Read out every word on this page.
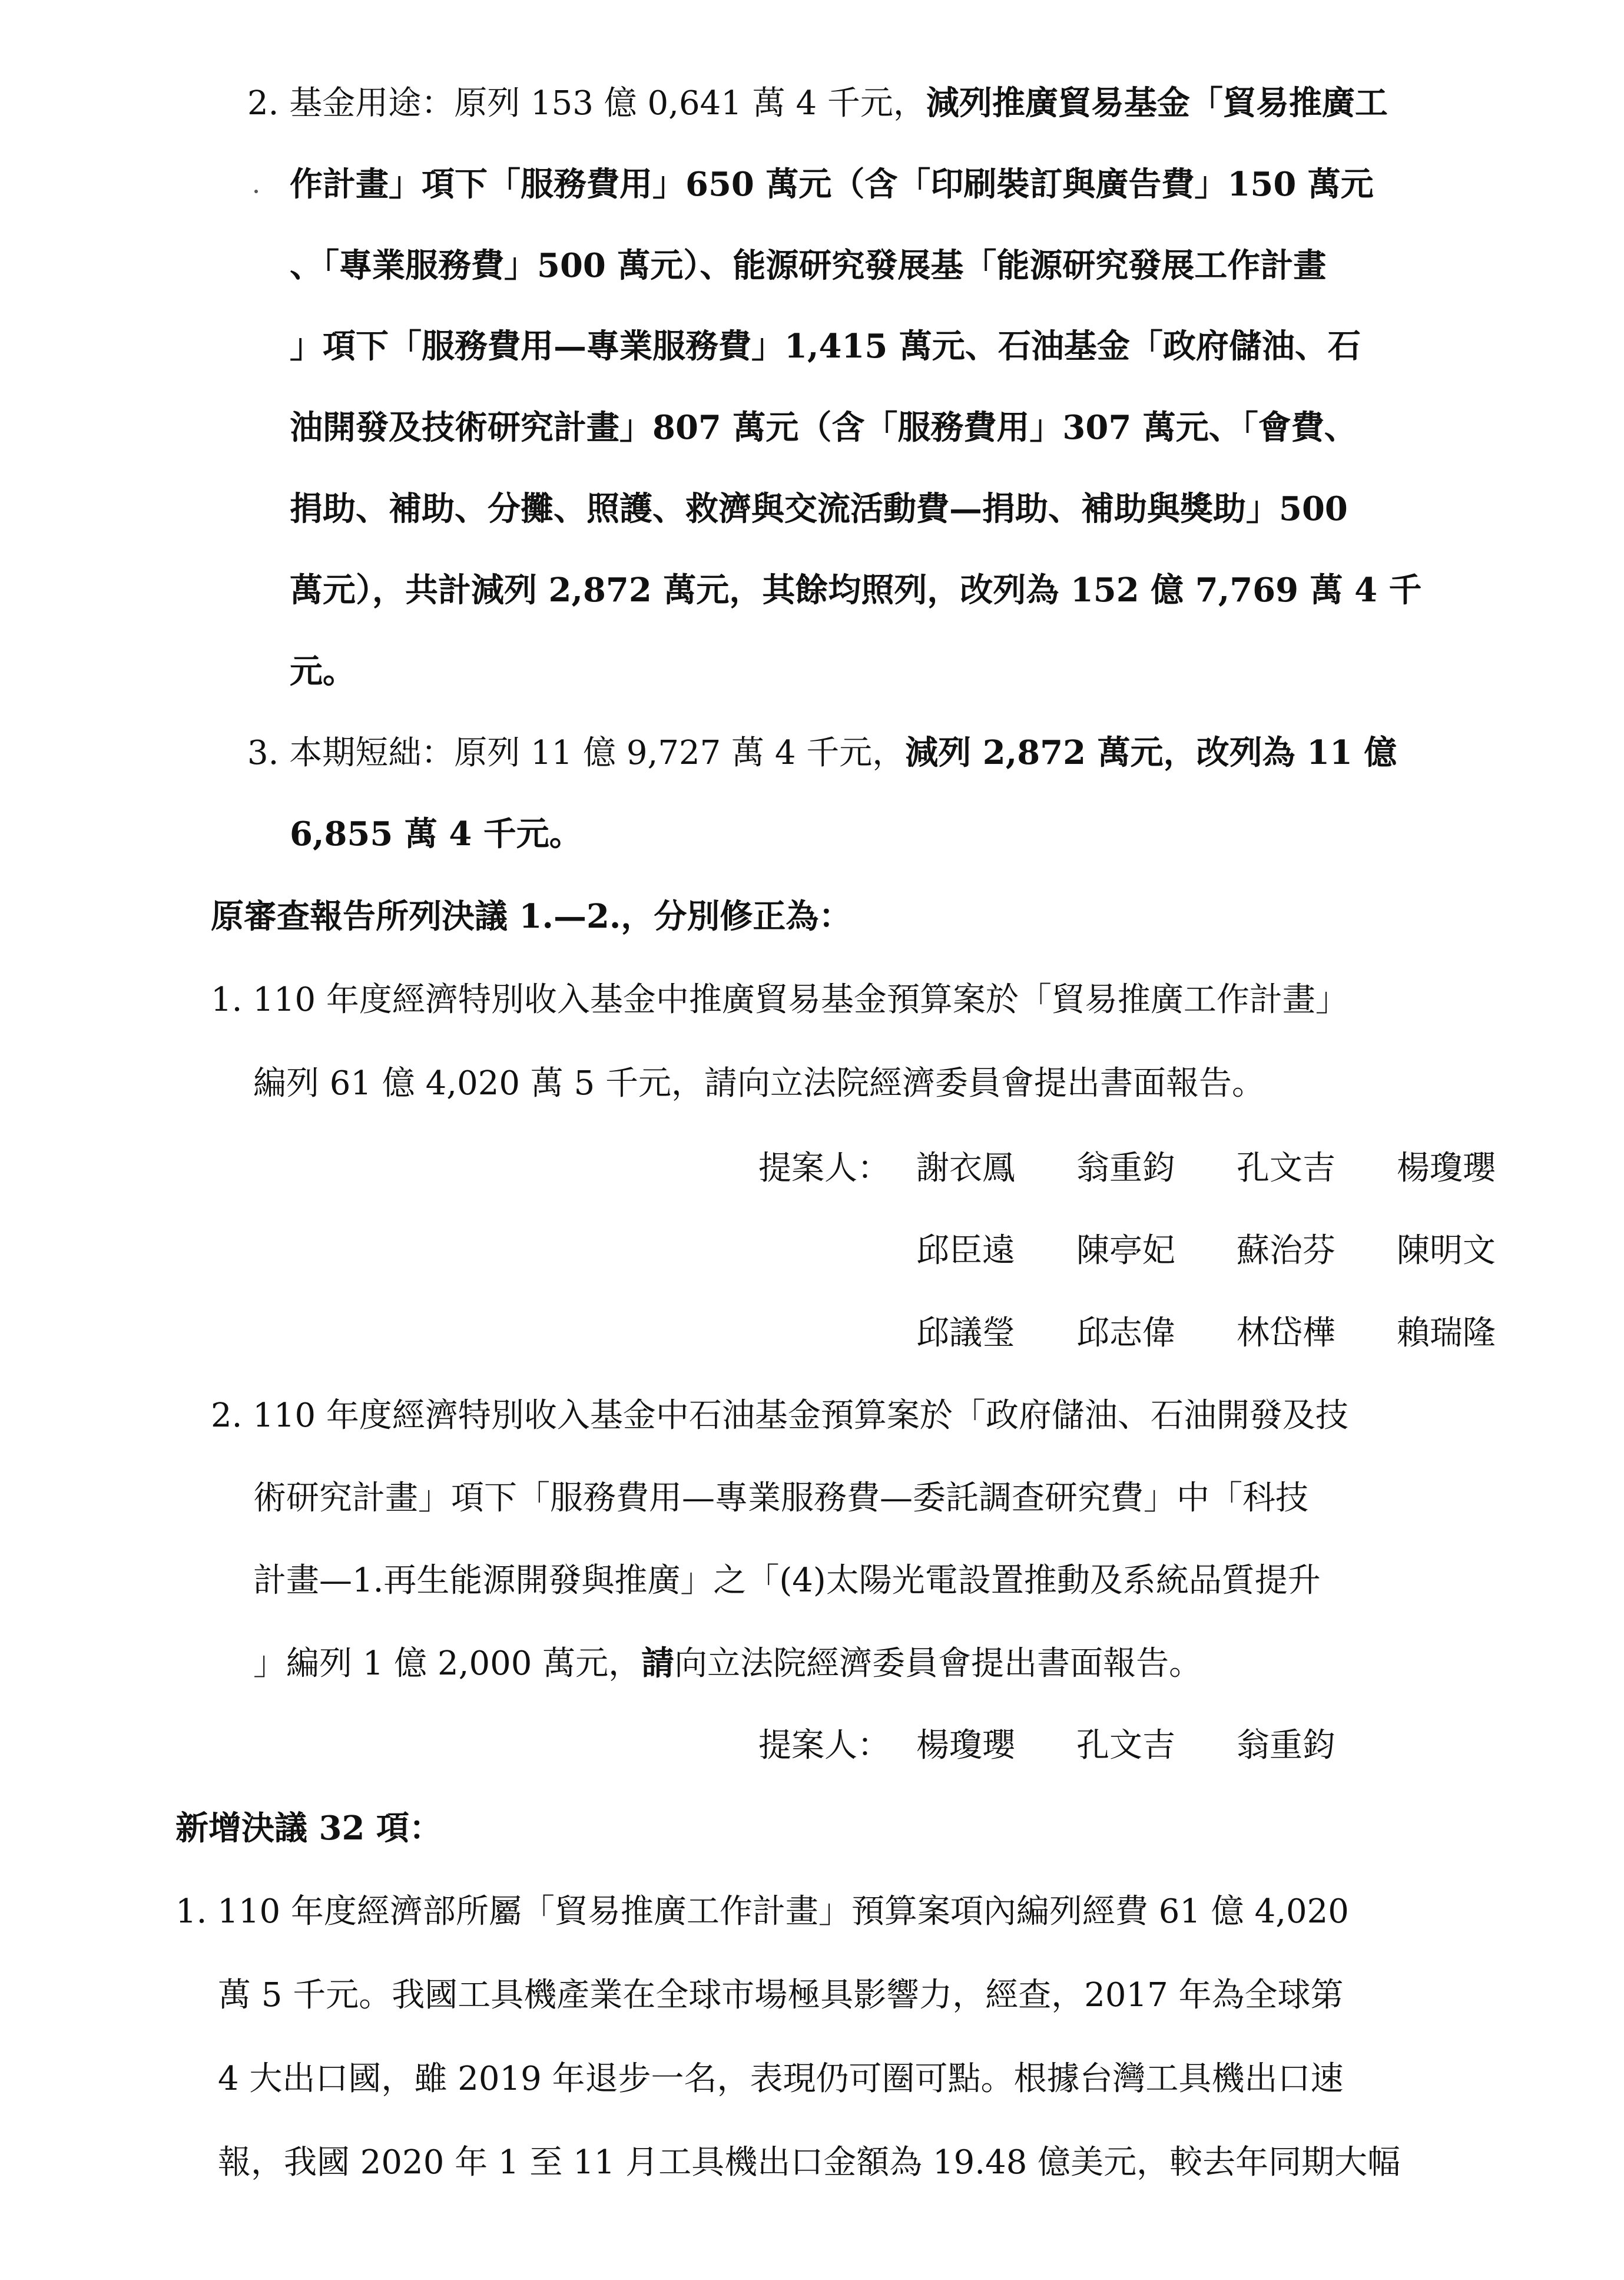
2. 基金用途：原列 153 億 0,641 萬 4 千元，減列推廣貿易基金「貿易推廣工
作計畫」項下「服務費用」650 萬元（含「印刷裝訂與廣告費」150 萬元
、「專業服務費」500 萬元）、能源研究發展基「能源研究發展工作計畫
」項下「服務費用—專業服務費」1,415 萬元、石油基金「政府儲油、石
油開發及技術研究計畫」807 萬元（含「服務費用」307 萬元、「會費、
捐助、補助、分攤、照護、救濟與交流活動費—捐助、補助與獎助」500
萬元），共計減列 2,872 萬元，其餘均照列，改列為 152 億 7,769 萬 4 千
元。
3. 本期短絀：原列 11 億 9,727 萬 4 千元，減列 2,872 萬元，改列為 11 億
6,855 萬 4 千元。
原審查報告所列決議 1.—2.，分別修正為：
1. 110 年度經濟特別收入基金中推廣貿易基金預算案於「貿易推廣工作計畫」
編列 61 億 4,020 萬 5 千元，請向立法院經濟委員會提出書面報告。
提案人： 謝衣鳳 翁重鈞 孔文吉 楊瓊瓔
邱臣遠 陳亭妃 蘇治芬 陳明文
邱議瑩 邱志偉 林岱樺 賴瑞隆
2. 110 年度經濟特別收入基金中石油基金預算案於「政府儲油、石油開發及技
術研究計畫」項下「服務費用—專業服務費—委託調查研究費」中「科技
計畫—1.再生能源開發與推廣」之「(4)太陽光電設置推動及系統品質提升
」編列 1 億 2,000 萬元，請向立法院經濟委員會提出書面報告。
提案人： 楊瓊瓔 孔文吉 翁重鈞
新增決議 32 項：
1. 110 年度經濟部所屬「貿易推廣工作計畫」預算案項內編列經費 61 億 4,020
萬 5 千元。我國工具機產業在全球市場極具影響力，經查，2017 年為全球第
4 大出口國，雖 2019 年退步一名，表現仍可圈可點。根據台灣工具機出口速
報，我國 2020 年 1 至 11 月工具機出口金額為 19.48 億美元，較去年同期大幅
